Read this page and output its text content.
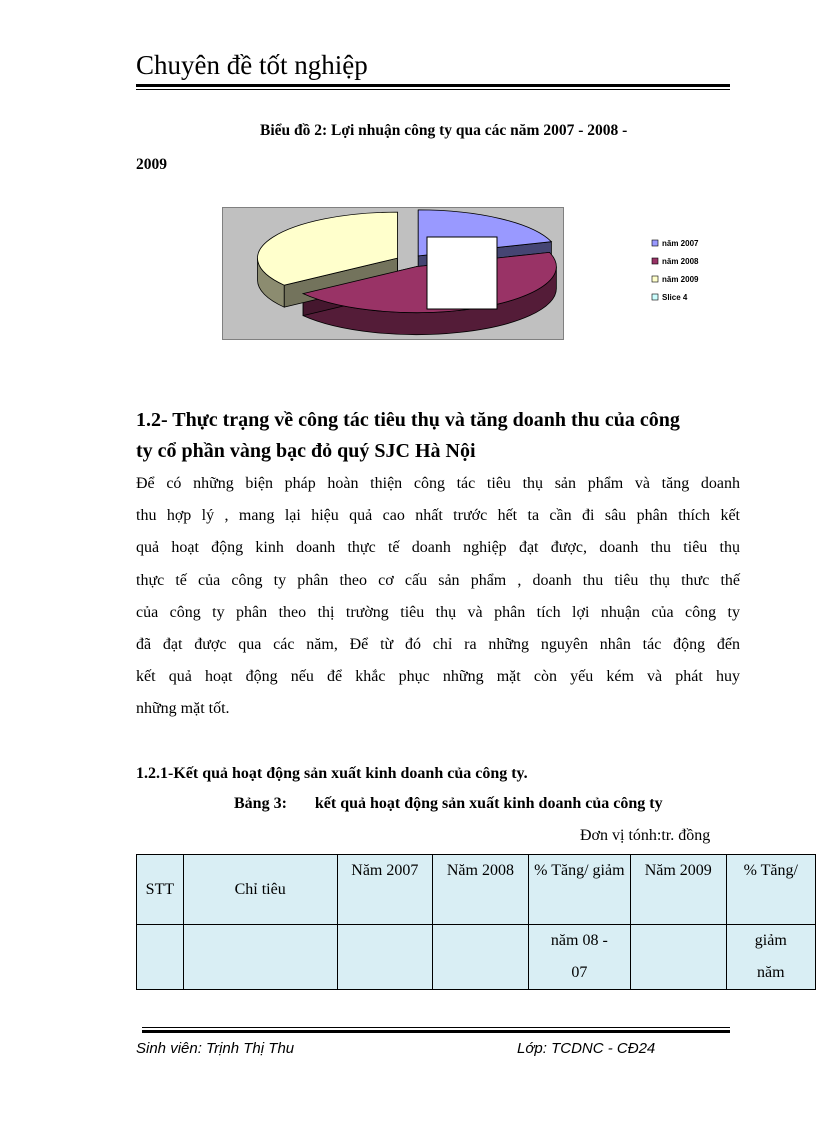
Chuyên đề tốt nghiệp
Biểu đồ 2: Lợi nhuận công ty qua các năm 2007 - 2008 -
2009
năm 2007
năm 2008
năm 2009
Slice 4
1.2- Thực trạng về công tác tiêu thụ và tăng doanh thu của công
ty cổ phần vàng bạc đỏ quý SJC Hà Nội
Để có những biện pháp hoàn thiện công tác tiêu thụ sản phẩm và tăng doanh
thu hợp lý , mang lại hiệu quả cao nhất trước hết ta cần đi sâu phân thích kết
quả hoạt động kinh doanh thực tế doanh nghiệp đạt được, doanh thu tiêu thụ
thực tế của công ty phân theo cơ cấu sản phẩm , doanh thu tiêu thụ thưc thế
của công ty phân theo thị trường tiêu thụ và phân tích lợi nhuận của công ty
đã đạt được qua các năm, Để từ đó chỉ ra những nguyên nhân tác động đến
kết quả hoạt động nếu để khắc phục những mặt còn yếu kém và phát huy
những mặt tốt.
1.2.1-Kết quả hoạt động sản xuất kinh doanh của công ty.
Bảng 3: kết quả hoạt động sản xuất kinh doanh của công ty
Đơn vị tónh:tr. đồng
STT	Chỉ tiêu	Năm 2007	Năm 2008	% Tăng/ giảm	Năm 2009	% Tăng/
				năm 08 - 07		giảm năm
Sinh viên: Trịnh Thị Thu	Lớp: TCDNC - CĐ24
